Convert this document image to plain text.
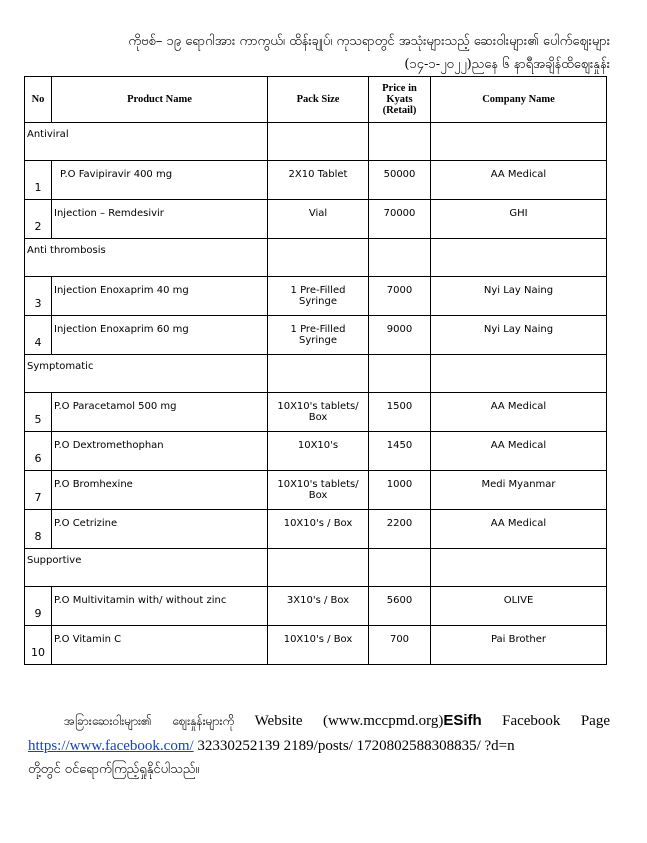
ကိုဗစ်– ၁၉ ရောဂါအား ကာကွယ်၊ ထိန်းချုပ်၊ ကုသရာတွင် အသုံးများသည့် ဆေးဝါးများ၏ ပေါက်ဈေးများ
(၁၄-၁-၂၀၂၂)ညနေ ၆ နာရီအချိန်ထိဈေးနှုန်း
No	Product Name	Pack Size	Price in Kyats (Retail)	Company Name
Antiviral				
1	P.O Favipiravir 400 mg	2X10 Tablet	50000	AA Medical
2	Injection – Remdesivir	Vial	70000	GHI
Anti thrombosis				
3	Injection Enoxaprim 40 mg	1 Pre-Filled Syringe	7000	Nyi Lay Naing
4	Injection Enoxaprim 60 mg	1 Pre-Filled Syringe	9000	Nyi Lay Naing
Symptomatic				
5	P.O Paracetamol 500 mg	10X10's tablets/ Box	1500	AA Medical
6	P.O Dextromethophan	10X10's	1450	AA Medical
7	P.O Bromhexine	10X10's tablets/ Box	1000	Medi Myanmar
8	P.O Cetrizine	10X10's / Box	2200	AA Medical
Supportive				
9	P.O Multivitamin with/ without zinc	3X10's / Box	5600	OLIVE
10	P.O Vitamin C	10X10's / Box	700	Pai Brother
အခြားဆေးဝါးများ၏ ဈေးနှုန်းများကို Website (www.mccpmd.org)ESifh Facebook Page
https://www.facebook.com/ 32330252139 2189/posts/ 1720802588308835/ ?d=n
တို့တွင် ဝင်ရောက်ကြည့်ရှုနိုင်ပါသည်။
